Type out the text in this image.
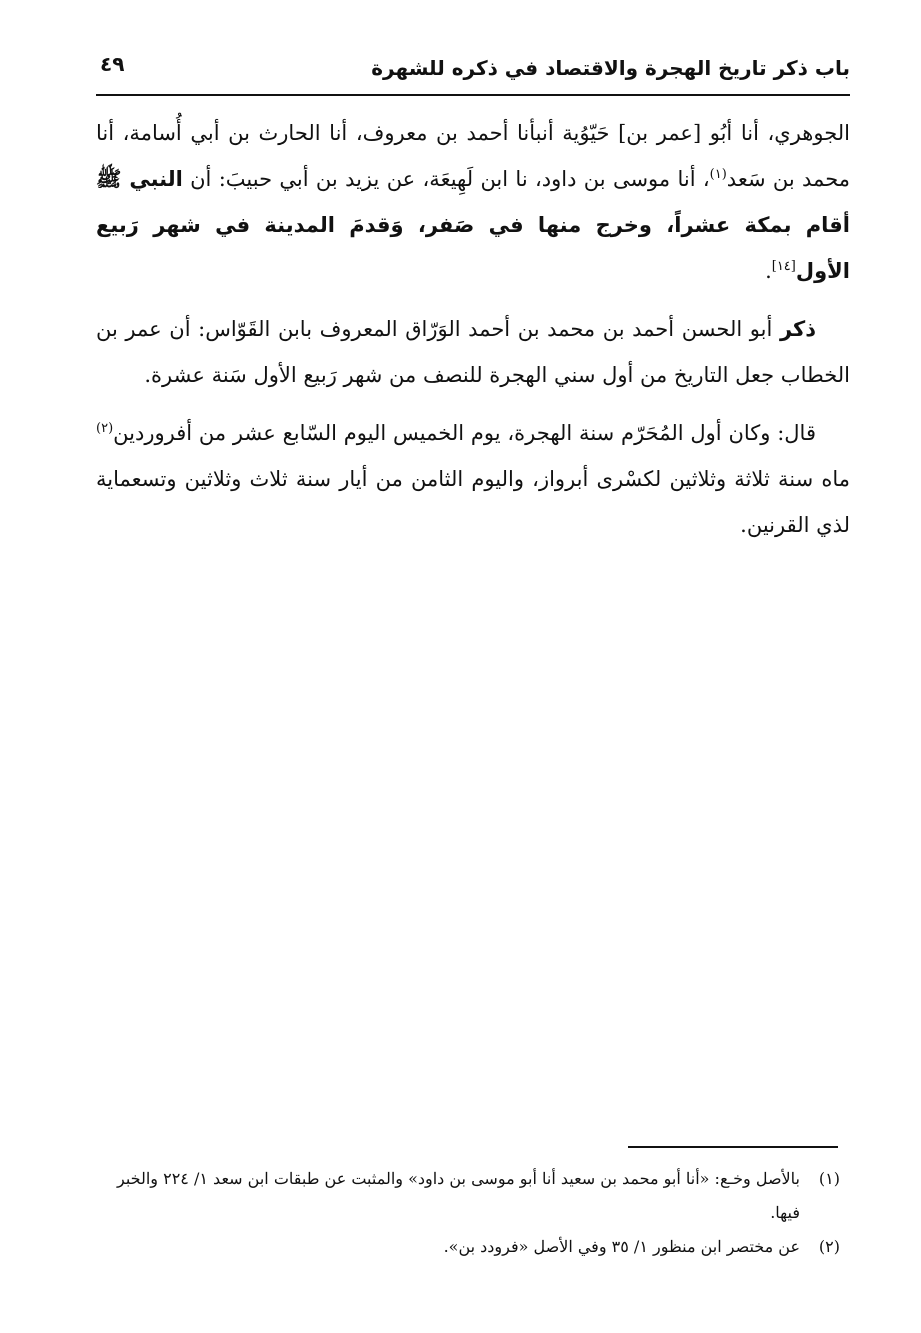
باب ذكر تاريخ الهجرة والاقتصاد في ذكره للشهرة
٤٩

الجوهري، أنا أبُو [عمر بن] حَيّوُية أنبأنا أحمد بن معروف، أنا الحارث بن أبي أُسامة، أنا محمد بن سَعد$^{(١)}$، أنا موسى بن داود، نا ابن لَهِيعَة، عن يزيد بن أبي حبيبَ: أن النبي ﷺ أقام بمكة عشراً، وخرج منها في صَفر، وَقدمَ المدينة في شهر رَبيع الأول[١٤].

ذكر أبو الحسن أحمد بن محمد بن أحمد الوَرّاق المعروف بابن القَوّاس: أن عمر بن الخطاب جعل التاريخ من أول سني الهجرة للنصف من شهر رَبيع الأول سَنة عشرة.

قال: وكان أول المُحَرّم سنة الهجرة، يوم الخميس اليوم السّابع عشر من أفروردين$^{(٢)}$ ماه سنة ثلاثة وثلاثين لكسْرى أبرواز، واليوم الثامن من أيار سنة ثلاث وثلاثين وتسعماية لذي القرنين.

(١)
بالأصل وخـع: «أنا أبو محمد بن سعيد أنا أبو موسى بن داود» والمثبت عن طبقات ابن سعد ١/ ٢٢٤ والخبر فيها.
(٢)
عن مختصر ابن منظور ١/ ٣٥ وفي الأصل «فرودد بن».
